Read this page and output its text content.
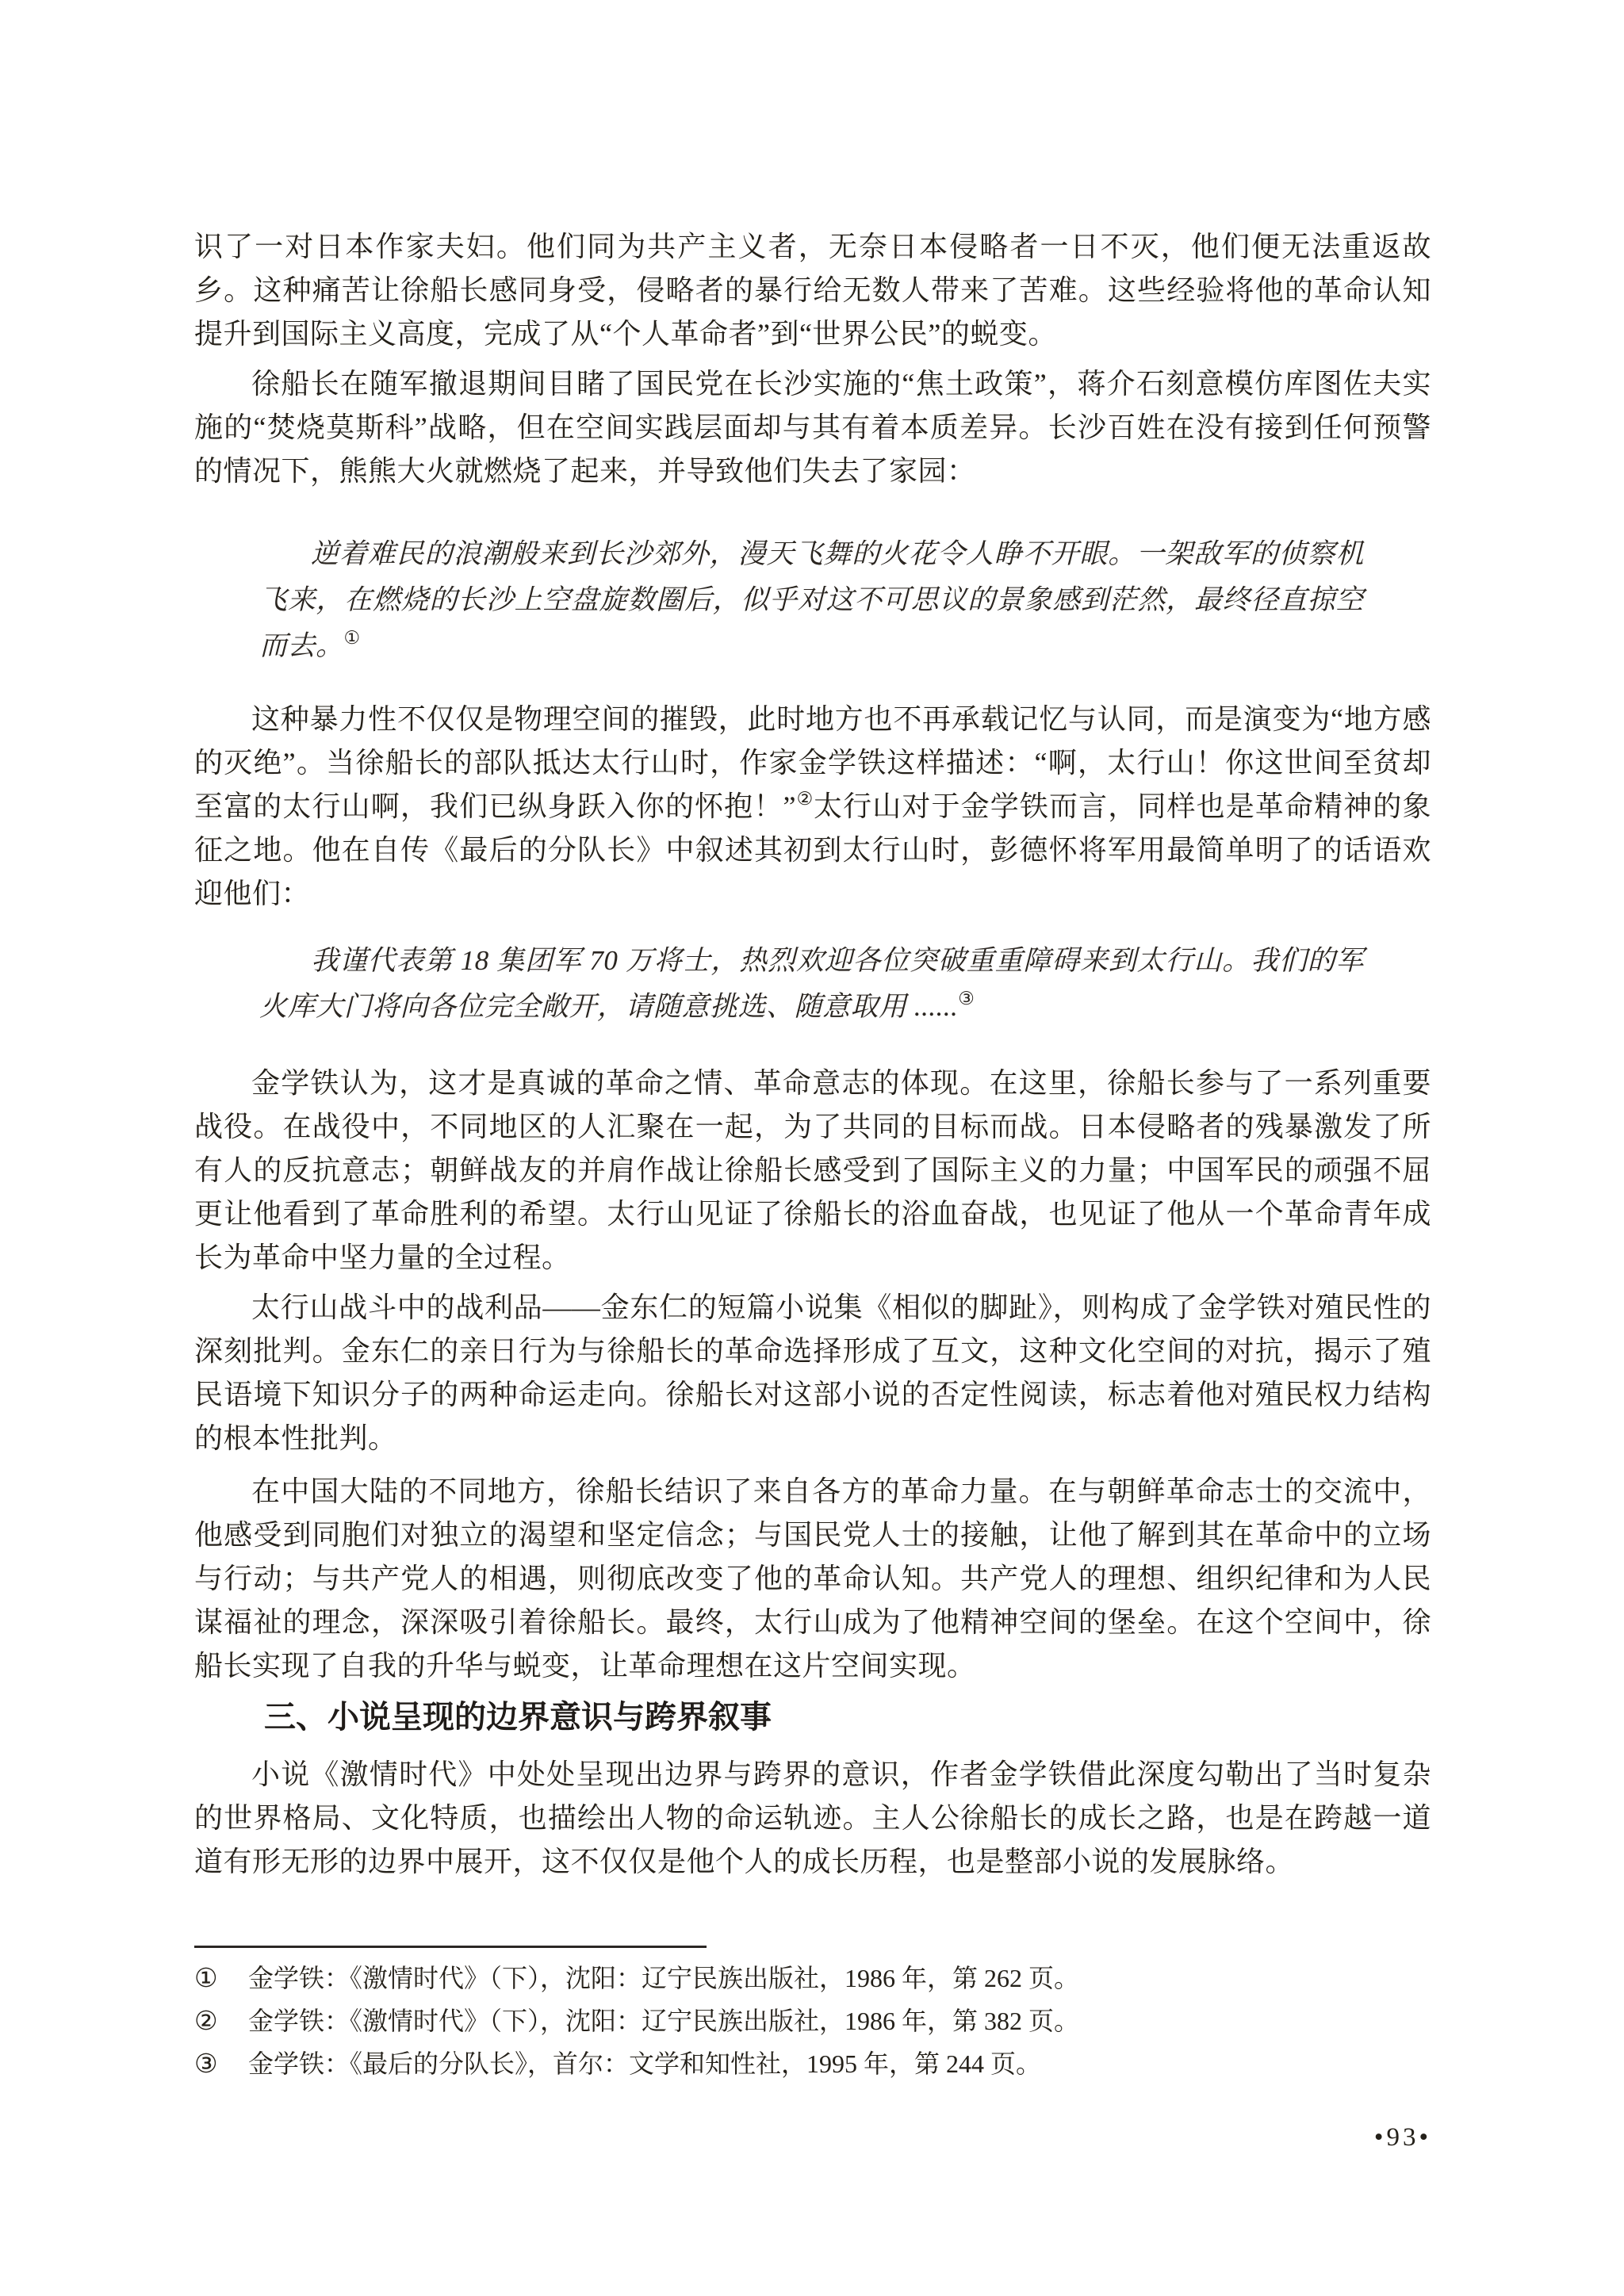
识了一对日本作家夫妇。他们同为共产主义者，无奈日本侵略者一日不灭，他们便无法重返故乡。这种痛苦让徐船长感同身受，侵略者的暴行给无数人带来了苦难。这些经验将他的革命认知提升到国际主义高度，完成了从“个人革命者”到“世界公民”的蜕变。

徐船长在随军撤退期间目睹了国民党在长沙实施的“焦土政策”，蒋介石刻意模仿库图佐夫实施的“焚烧莫斯科”战略，但在空间实践层面却与其有着本质差异。长沙百姓在没有接到任何预警的情况下，熊熊大火就燃烧了起来，并导致他们失去了家园：

逆着难民的浪潮般来到长沙郊外，漫天飞舞的火花令人睁不开眼。一架敌军的侦察机飞来，在燃烧的长沙上空盘旋数圈后，似乎对这不可思议的景象感到茫然，最终径直掠空而去。①

这种暴力性不仅仅是物理空间的摧毁，此时地方也不再承载记忆与认同，而是演变为“地方感的灭绝”。当徐船长的部队抵达太行山时，作家金学铁这样描述：“啊，太行山！你这世间至贫却至富的太行山啊，我们已纵身跃入你的怀抱！”②太行山对于金学铁而言，同样也是革命精神的象征之地。他在自传《最后的分队长》中叙述其初到太行山时，彭德怀将军用最简单明了的话语欢迎他们：

我谨代表第 18 集团军 70 万将士，热烈欢迎各位突破重重障碍来到太行山。我们的军火库大门将向各位完全敞开，请随意挑选、随意取用 ......③

金学铁认为，这才是真诚的革命之情、革命意志的体现。在这里，徐船长参与了一系列重要战役。在战役中，不同地区的人汇聚在一起，为了共同的目标而战。日本侵略者的残暴激发了所有人的反抗意志；朝鲜战友的并肩作战让徐船长感受到了国际主义的力量；中国军民的顽强不屈更让他看到了革命胜利的希望。太行山见证了徐船长的浴血奋战，也见证了他从一个革命青年成长为革命中坚力量的全过程。

太行山战斗中的战利品——金东仁的短篇小说集《相似的脚趾》，则构成了金学铁对殖民性的深刻批判。金东仁的亲日行为与徐船长的革命选择形成了互文，这种文化空间的对抗，揭示了殖民语境下知识分子的两种命运走向。徐船长对这部小说的否定性阅读，标志着他对殖民权力结构的根本性批判。

在中国大陆的不同地方，徐船长结识了来自各方的革命力量。在与朝鲜革命志士的交流中，他感受到同胞们对独立的渴望和坚定信念；与国民党人士的接触，让他了解到其在革命中的立场与行动；与共产党人的相遇，则彻底改变了他的革命认知。共产党人的理想、组织纪律和为人民谋福祉的理念，深深吸引着徐船长。最终，太行山成为了他精神空间的堡垒。在这个空间中，徐船长实现了自我的升华与蜕变，让革命理想在这片空间实现。

三、小说呈现的边界意识与跨界叙事

小说《激情时代》中处处呈现出边界与跨界的意识，作者金学铁借此深度勾勒出了当时复杂的世界格局、文化特质，也描绘出人物的命运轨迹。主人公徐船长的成长之路，也是在跨越一道道有形无形的边界中展开，这不仅仅是他个人的成长历程，也是整部小说的发展脉络。

①	金学铁：《激情时代》（下），沈阳：辽宁民族出版社，1986 年，第 262 页。
②	金学铁：《激情时代》（下），沈阳：辽宁民族出版社，1986 年，第 382 页。
③	金学铁：《最后的分队长》，首尔：文学和知性社，1995 年，第 244 页。
•93•
